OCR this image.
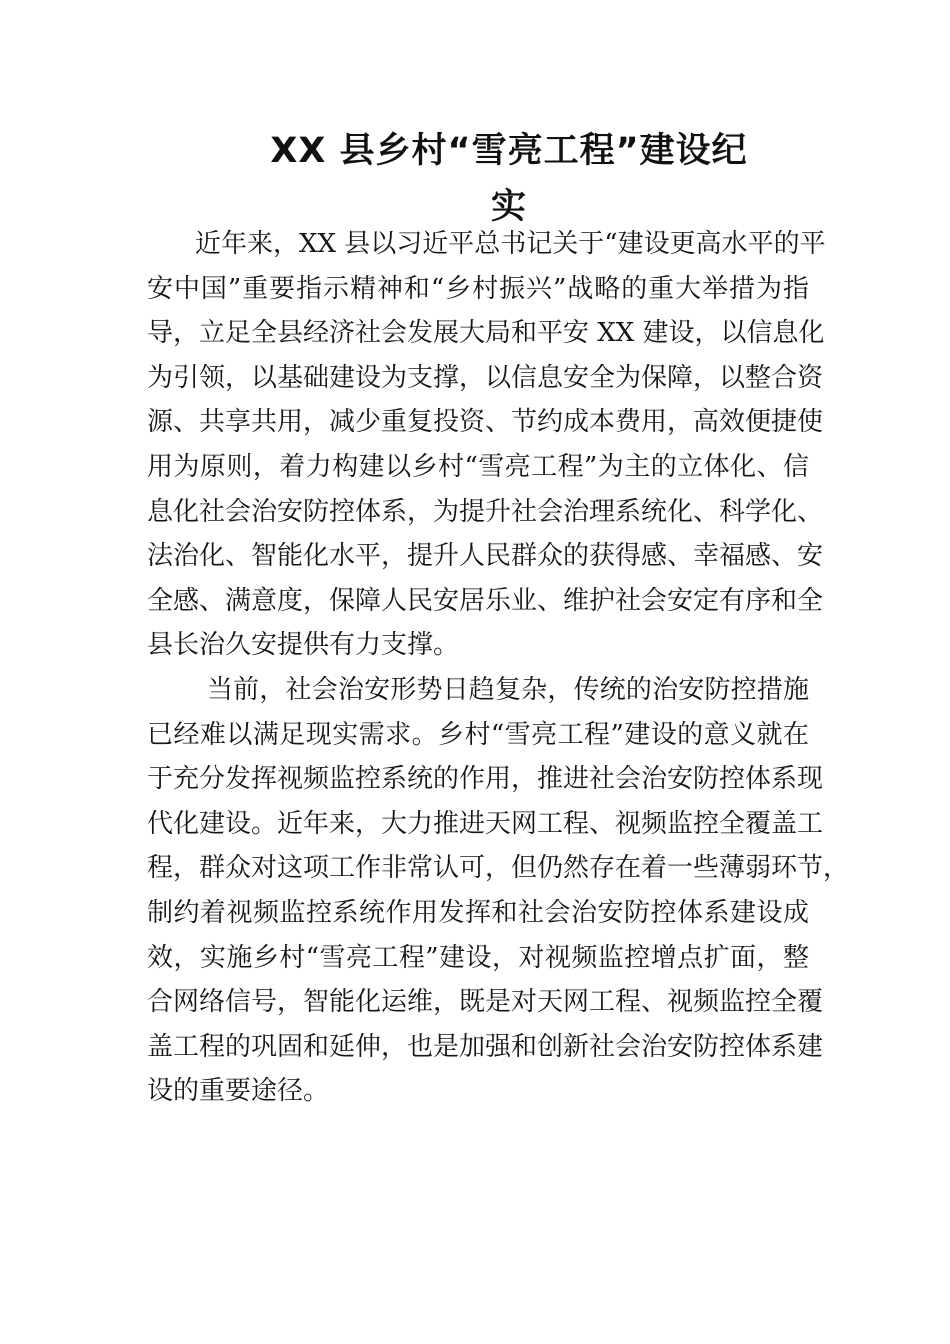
XX 县乡村“雪亮工程”建设纪
实
近年来，XX 县以习近平总书记关于“建设更高水平的平
安中国”重要指示精神和“乡村振兴”战略的重大举措为指
导，立足全县经济社会发展大局和平安 XX 建设，以信息化
为引领，以基础建设为支撑，以信息安全为保障，以整合资
源、共享共用，减少重复投资、节约成本费用，高效便捷使
用为原则，着力构建以乡村“雪亮工程”为主的立体化、信
息化社会治安防控体系，为提升社会治理系统化、科学化、
法治化、智能化水平，提升人民群众的获得感、幸福感、安
全感、满意度，保障人民安居乐业、维护社会安定有序和全
县长治久安提供有力支撑。
当前，社会治安形势日趋复杂，传统的治安防控措施
已经难以满足现实需求。乡村“雪亮工程”建设的意义就在
于充分发挥视频监控系统的作用，推进社会治安防控体系现
代化建设。近年来，大力推进天网工程、视频监控全覆盖工
程，群众对这项工作非常认可，但仍然存在着一些薄弱环节，
制约着视频监控系统作用发挥和社会治安防控体系建设成
效，实施乡村“雪亮工程”建设，对视频监控增点扩面，整
合网络信号，智能化运维，既是对天网工程、视频监控全覆
盖工程的巩固和延伸，也是加强和创新社会治安防控体系建
设的重要途径。
